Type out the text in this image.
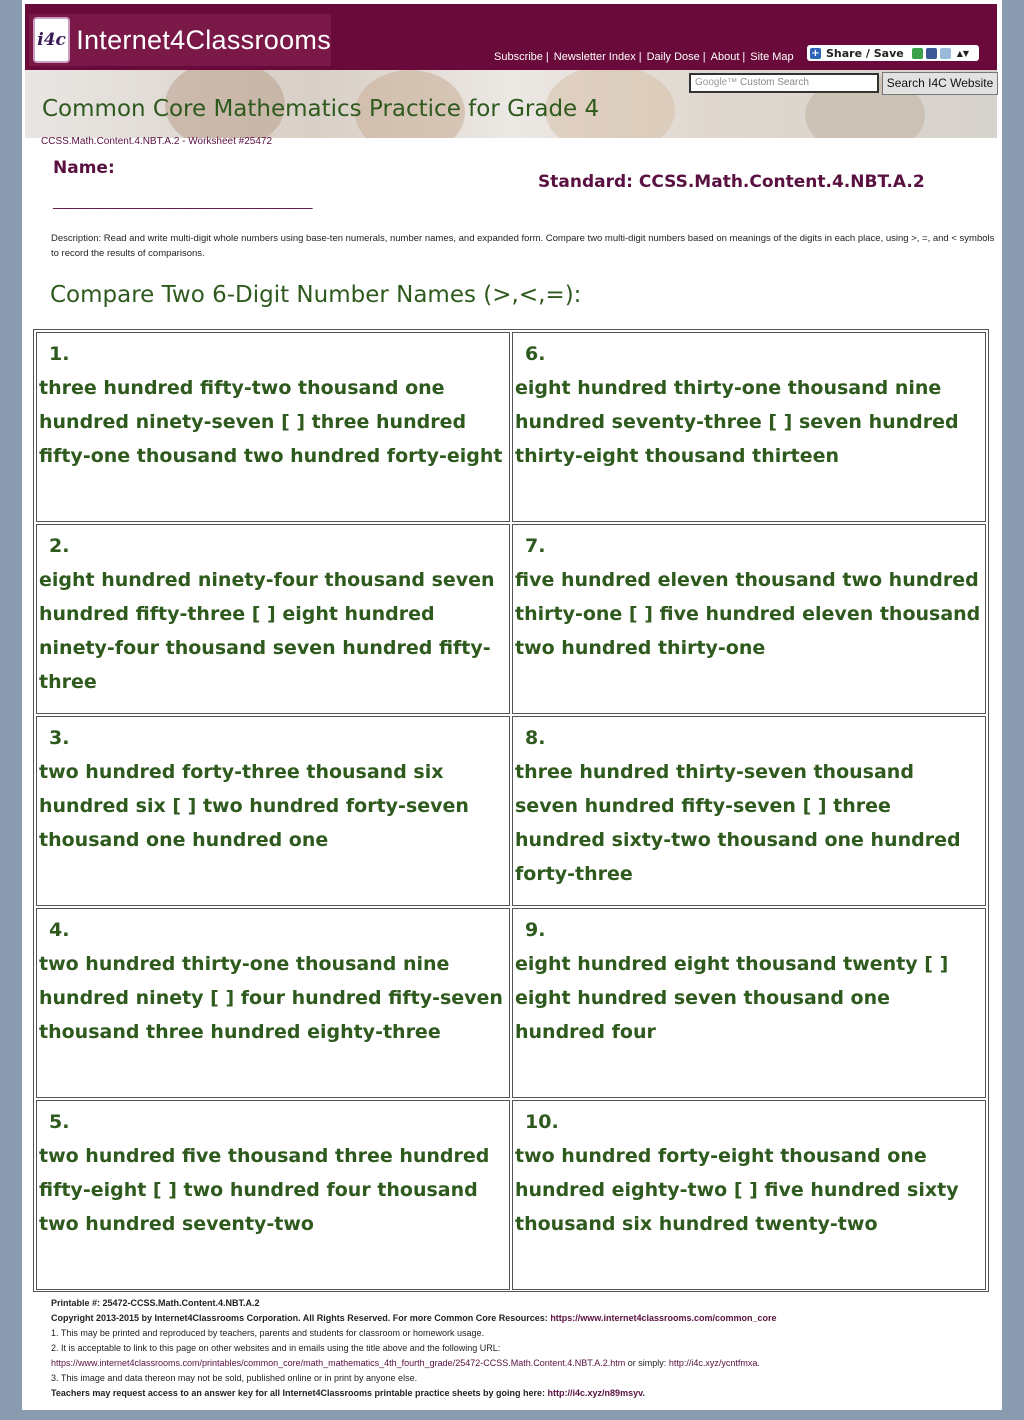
i4c Internet4Classrooms
Subscribe | Newsletter Index | Daily Dose | About | Site Map + Share / Save	▲▼
Common Core Mathematics Practice for Grade 4
Google™ Custom Search	Search I4C Website
CCSS.Math.Content.4.NBT.A.2 - Worksheet #25472
Name:
_______________________________________________
Standard: CCSS.Math.Content.4.NBT.A.2
Description: Read and write multi-digit whole numbers using base-ten numerals, number names, and expanded form. Compare two multi-digit numbers based on meanings of the digits in each place, using >, =, and < symbols to record the results of comparisons.
Compare Two 6-Digit Number Names (>,<,=):
1.
three hundred fifty-two thousand one hundred ninety-seven [ ] three hundred fifty-one thousand two hundred forty-eight
6.
eight hundred thirty-one thousand nine hundred seventy-three [ ] seven hundred thirty-eight thousand thirteen
2.
eight hundred ninety-four thousand seven hundred fifty-three [ ] eight hundred ninety-four thousand seven hundred fifty-three
7.
five hundred eleven thousand two hundred thirty-one [ ] five hundred eleven thousand two hundred thirty-one
3.
two hundred forty-three thousand six hundred six [ ] two hundred forty-seven thousand one hundred one
8.
three hundred thirty-seven thousand seven hundred fifty-seven [ ] three hundred sixty-two thousand one hundred forty-three
4.
two hundred thirty-one thousand nine hundred ninety [ ] four hundred fifty-seven thousand three hundred eighty-three
9.
eight hundred eight thousand twenty [ ] eight hundred seven thousand one hundred four
5.
two hundred five thousand three hundred fifty-eight [ ] two hundred four thousand two hundred seventy-two
10.
two hundred forty-eight thousand one hundred eighty-two [ ] five hundred sixty thousand six hundred twenty-two
Printable #: 25472-CCSS.Math.Content.4.NBT.A.2
Copyright 2013-2015 by Internet4Classrooms Corporation. All Rights Reserved. For more Common Core Resources: https://www.internet4classrooms.com/common_core
1. This may be printed and reproduced by teachers, parents and students for classroom or homework usage.
2. It is acceptable to link to this page on other websites and in emails using the title above and the following URL:
https://www.internet4classrooms.com/printables/common_core/math_mathematics_4th_fourth_grade/25472-CCSS.Math.Content.4.NBT.A.2.htm or simply: http://i4c.xyz/ycntfmxa.
3. This image and data thereon may not be sold, published online or in print by anyone else.
Teachers may request access to an answer key for all Internet4Classrooms printable practice sheets by going here: http://i4c.xyz/n89msyv.
